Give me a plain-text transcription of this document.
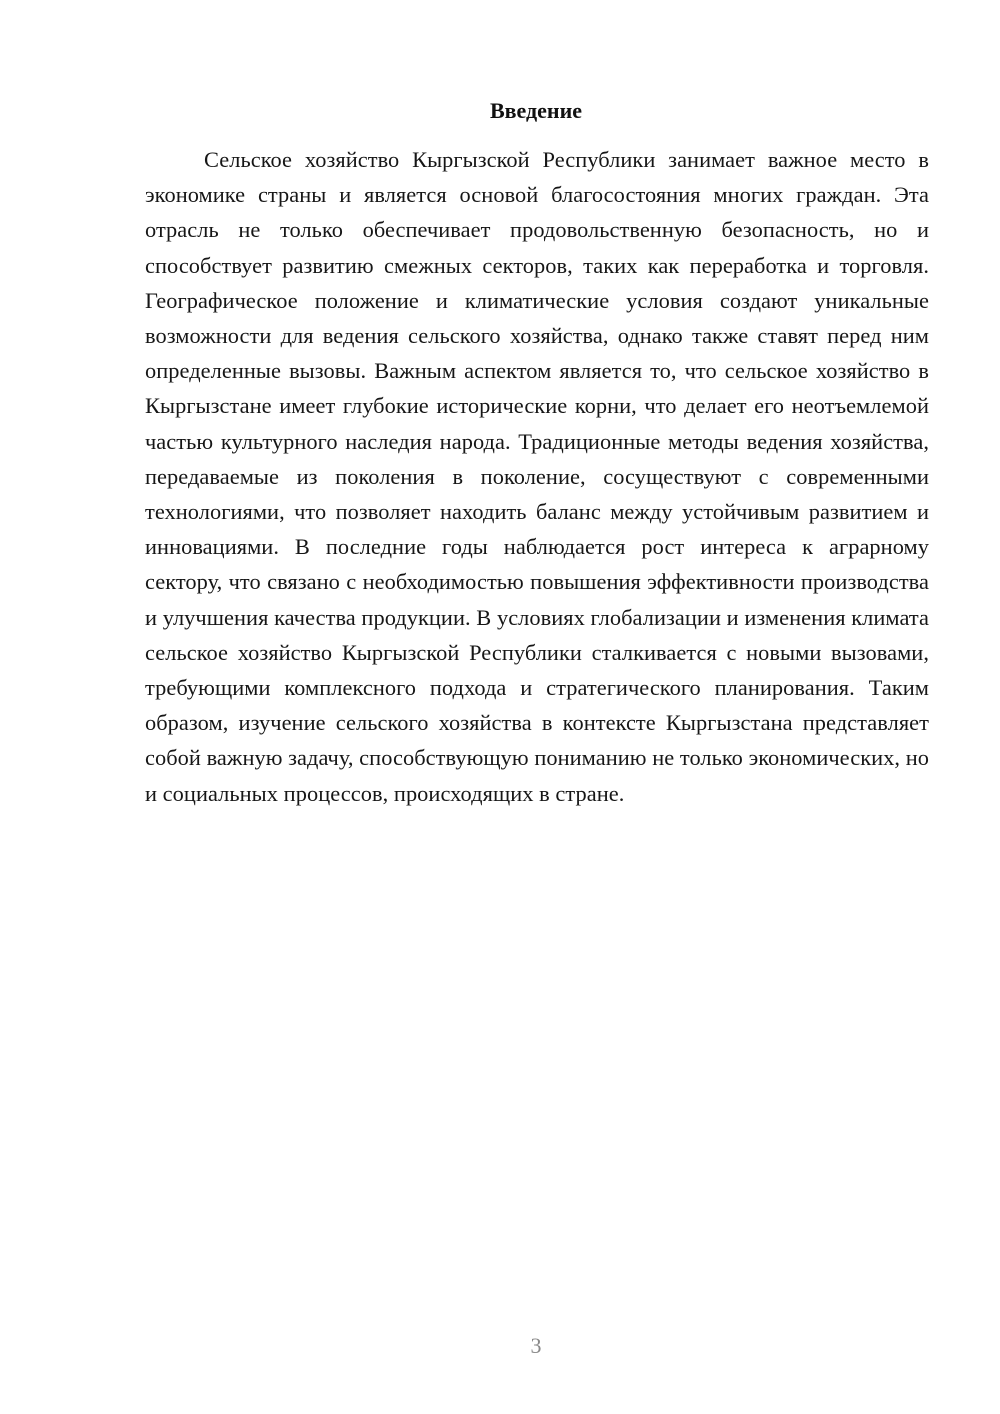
Введение

Сельское хозяйство Кыргызской Республики занимает важное место в экономике страны и является основой благосостояния многих граждан. Эта отрасль не только обеспечивает продовольственную безопасность, но и способствует развитию смежных секторов, таких как переработка и торговля. Географическое положение и климатические условия создают уникальные возможности для ведения сельского хозяйства, однако также ставят перед ним определенные вызовы. Важным аспектом является то, что сельское хозяйство в Кыргызстане имеет глубокие исторические корни, что делает его неотъемлемой частью культурного наследия народа. Традиционные методы ведения хозяйства, передаваемые из поколения в поколение, сосуществуют с современными технологиями, что позволяет находить баланс между устойчивым развитием и инновациями. В последние годы наблюдается рост интереса к аграрному сектору, что связано с необходимостью повышения эффективности производства и улучшения качества продукции. В условиях глобализации и изменения климата сельское хозяйство Кыргызской Республики сталкивается с новыми вызовами, требующими комплексного подхода и стратегического планирования. Таким образом, изучение сельского хозяйства в контексте Кыргызстана представляет собой важную задачу, способствующую пониманию не только экономических, но и социальных процессов, происходящих в стране.

3
